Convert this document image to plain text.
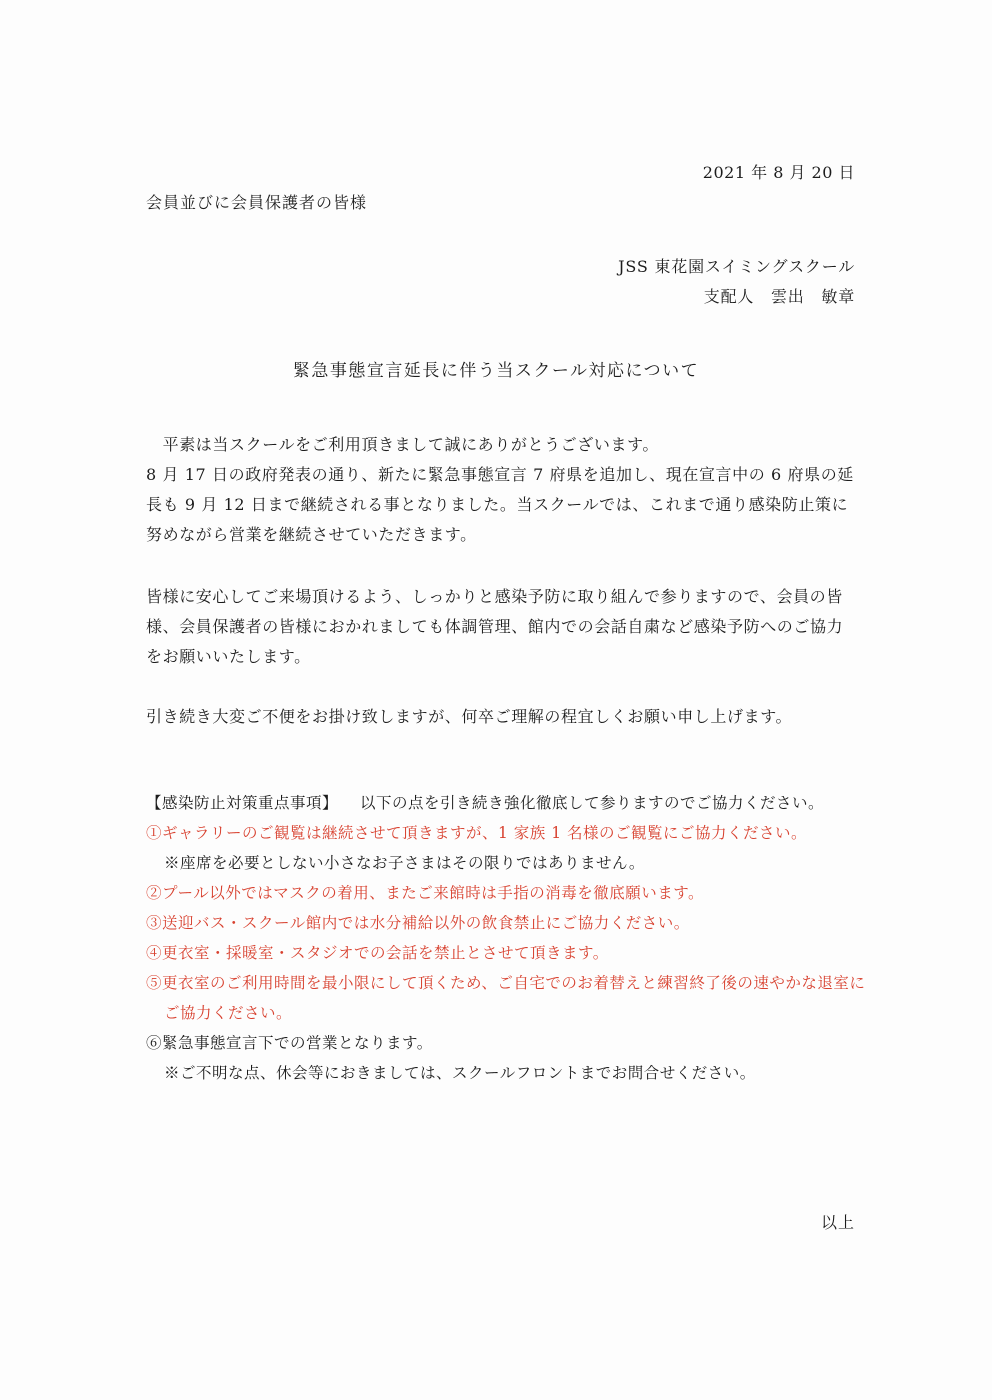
2021 年 8 月 20 日
会員並びに会員保護者の皆様
JSS 東花園スイミングスクール
支配人　雲出　敏章
緊急事態宣言延長に伴う当スクール対応について

　平素は当スクールをご利用頂きまして誠にありがとうございます。

8 月 17 日の政府発表の通り、新たに緊急事態宣言 7 府県を追加し、現在宣言中の 6 府県の延長も 9 月 12 日まで継続される事となりました。当スクールでは、これまで通り感染防止策に努めながら営業を継続させていただきます。

皆様に安心してご来場頂けるよう、しっかりと感染予防に取り組んで参りますので、会員の皆様、会員保護者の皆様におかれましても体調管理、館内での会話自粛など感染予防へのご協力をお願いいたします。

引き続き大変ご不便をお掛け致しますが、何卒ご理解の程宜しくお願い申し上げます。

【感染防止対策重点事項】 以下の点を引き続き強化徹底して参りますのでご協力ください。
①ギャラリーのご観覧は継続させて頂きますが、1 家族 1 名様のご観覧にご協力ください。
※座席を必要としない小さなお子さまはその限りではありません。
②プール以外ではマスクの着用、またご来館時は手指の消毒を徹底願います。
③送迎バス・スクール館内では水分補給以外の飲食禁止にご協力ください。
④更衣室・採暖室・スタジオでの会話を禁止とさせて頂きます。
⑤更衣室のご利用時間を最小限にして頂くため、ご自宅でのお着替えと練習終了後の速やかな退室にご協力ください。
⑥緊急事態宣言下での営業となります。
※ご不明な点、休会等におきましては、スクールフロントまでお問合せください。
以上
